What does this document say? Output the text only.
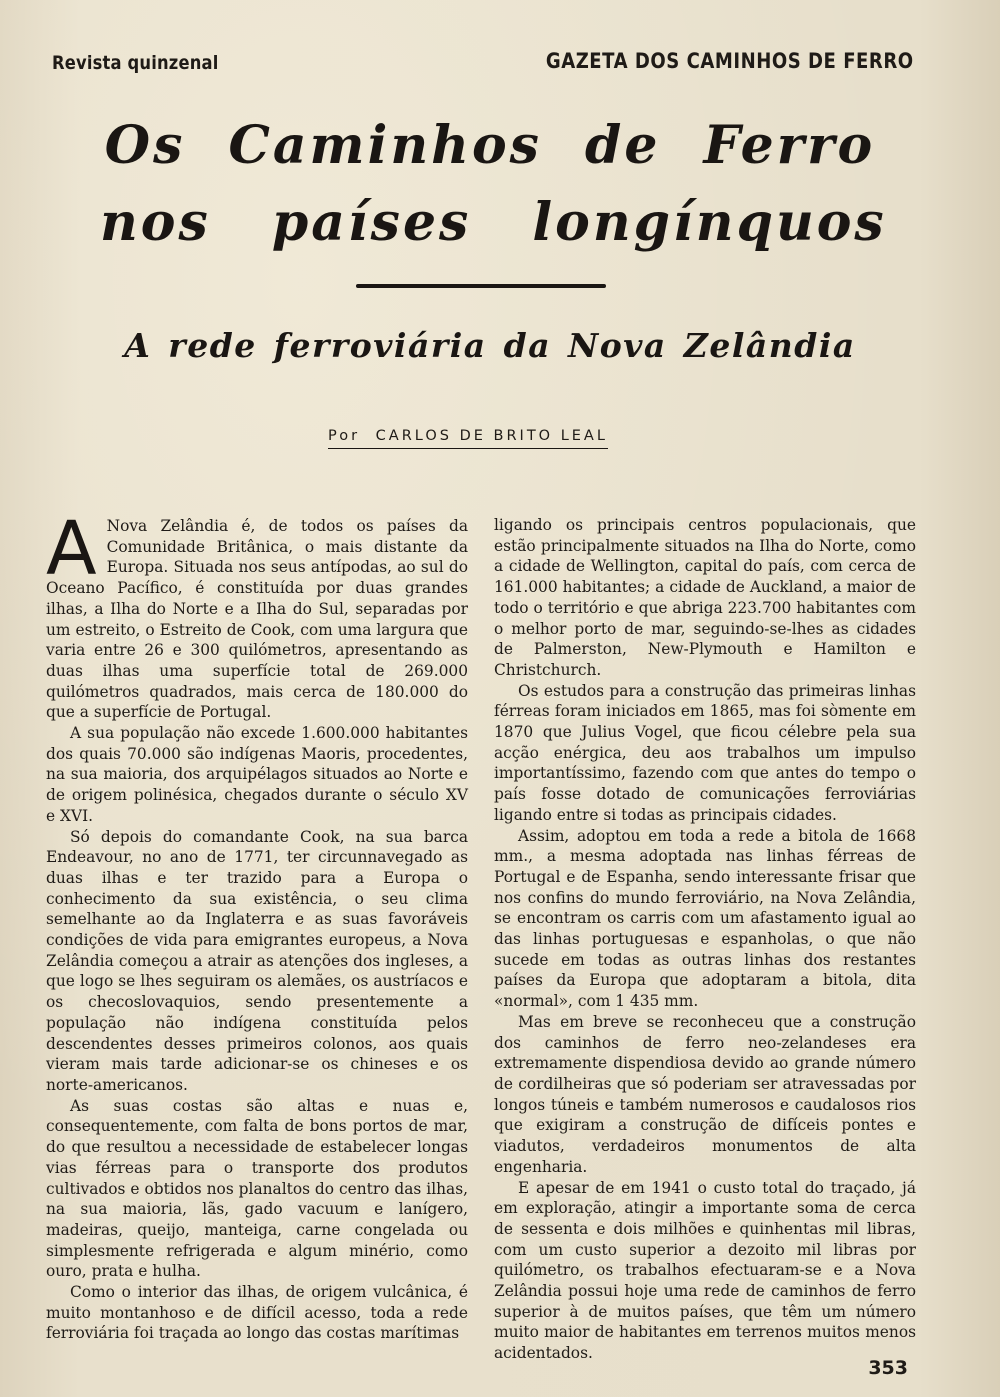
Revista quinzenal	GAZETA DOS CAMINHOS DE FERRO
Os Caminhos de Ferro
nos países longínquos
A rede ferroviária da Nova Zelândia
Por CARLOS DE BRITO LEAL

A Nova Zelândia é, de todos os países da Comunidade Britânica, o mais distante da Europa. Situada nos seus antípodas, ao sul do Oceano Pacífico, é constituída por duas grandes ilhas, a Ilha do Norte e a Ilha do Sul, separadas por um estreito, o Estreito de Cook, com uma largura que varia entre 26 e 300 quilómetros, apresentando as duas ilhas uma superfície total de 269.000 quilómetros quadrados, mais cerca de 180.000 do que a superfície de Portugal.

A sua população não excede 1.600.000 habitantes dos quais 70.000 são indígenas Maoris, procedentes, na sua maioria, dos arquipélagos situados ao Norte e de origem polinésica, chegados durante o século XV e XVI.

Só depois do comandante Cook, na sua barca Endeavour, no ano de 1771, ter circunnavegado as duas ilhas e ter trazido para a Europa o conhecimento da sua existência, o seu clima semelhante ao da Inglaterra e as suas favoráveis condições de vida para emigrantes europeus, a Nova Zelândia começou a atrair as atenções dos ingleses, a que logo se lhes seguiram os alemães, os austríacos e os checoslovaquios, sendo presentemente a população não indígena constituída pelos descendentes desses primeiros colonos, aos quais vieram mais tarde adicionar-se os chineses e os norte-americanos.

As suas costas são altas e nuas e, consequentemente, com falta de bons portos de mar, do que resultou a necessidade de estabelecer longas vias férreas para o transporte dos produtos cultivados e obtidos nos planaltos do centro das ilhas, na sua maioria, lãs, gado vacuum e lanígero, madeiras, queijo, manteiga, carne congelada ou simplesmente refrigerada e algum minério, como ouro, prata e hulha.

Como o interior das ilhas, de origem vulcânica, é muito montanhoso e de difícil acesso, toda a rede ferroviária foi traçada ao longo das costas marítimas

ligando os principais centros populacionais, que estão principalmente situados na Ilha do Norte, como a cidade de Wellington, capital do país, com cerca de 161.000 habitantes; a cidade de Auckland, a maior de todo o território e que abriga 223.700 habitantes com o melhor porto de mar, seguindo-se-lhes as cidades de Palmerston, New-Plymouth e Hamilton e Christchurch.

Os estudos para a construção das primeiras linhas férreas foram iniciados em 1865, mas foi sòmente em 1870 que Julius Vogel, que ficou célebre pela sua acção enérgica, deu aos trabalhos um impulso importantíssimo, fazendo com que antes do tempo o país fosse dotado de comunicações ferroviárias ligando entre si todas as principais cidades.

Assim, adoptou em toda a rede a bitola de 1668 mm., a mesma adoptada nas linhas férreas de Portugal e de Espanha, sendo interessante frisar que nos confins do mundo ferroviário, na Nova Zelândia, se encontram os carris com um afastamento igual ao das linhas portuguesas e espanholas, o que não sucede em todas as outras linhas dos restantes países da Europa que adoptaram a bitola, dita «normal», com 1 435 mm.

Mas em breve se reconheceu que a construção dos caminhos de ferro neo-zelandeses era extremamente dispendiosa devido ao grande número de cordilheiras que só poderiam ser atravessadas por longos túneis e também numerosos e caudalosos rios que exigiram a construção de difíceis pontes e viadutos, verdadeiros monumentos de alta engenharia.

E apesar de em 1941 o custo total do traçado, já em exploração, atingir a importante soma de cerca de sessenta e dois milhões e quinhentas mil libras, com um custo superior a dezoito mil libras por quilómetro, os trabalhos efectuaram-se e a Nova Zelândia possui hoje uma rede de caminhos de ferro superior à de muitos países, que têm um número muito maior de habitantes em terrenos muitos menos acidentados.

353
